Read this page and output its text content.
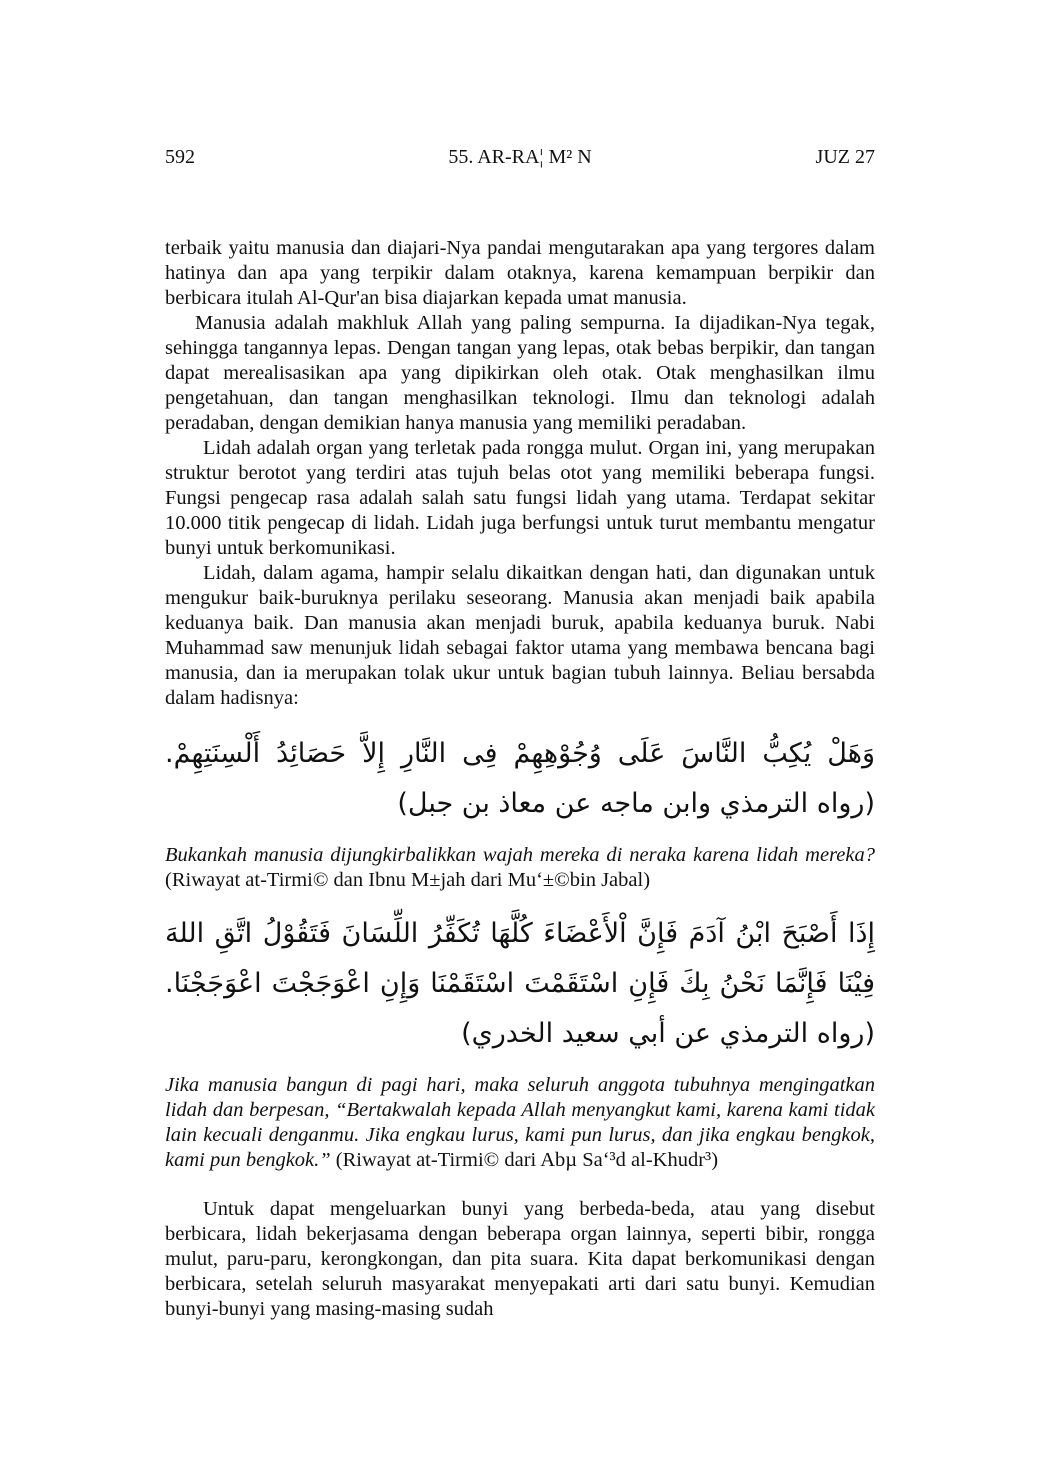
592	55. AR-RA¦ M² N	JUZ 27

terbaik yaitu manusia dan diajari-Nya pandai mengutarakan apa yang tergores dalam hatinya dan apa yang terpikir dalam otaknya, karena kemampuan berpikir dan berbicara itulah Al-Qur'an bisa diajarkan kepada umat manusia.

Manusia adalah makhluk Allah yang paling sempurna. Ia dijadikan-Nya tegak, sehingga tangannya lepas. Dengan tangan yang lepas, otak bebas berpikir, dan tangan dapat merealisasikan apa yang dipikirkan oleh otak. Otak menghasilkan ilmu pengetahuan, dan tangan menghasilkan teknologi. Ilmu dan teknologi adalah peradaban, dengan demikian hanya manusia yang memiliki peradaban.

Lidah adalah organ yang terletak pada rongga mulut. Organ ini, yang merupakan struktur berotot yang terdiri atas tujuh belas otot yang memiliki beberapa fungsi. Fungsi pengecap rasa adalah salah satu fungsi lidah yang utama. Terdapat sekitar 10.000 titik pengecap di lidah. Lidah juga berfungsi untuk turut membantu mengatur bunyi untuk berkomunikasi.

Lidah, dalam agama, hampir selalu dikaitkan dengan hati, dan digunakan untuk mengukur baik-buruknya perilaku seseorang. Manusia akan menjadi baik apabila keduanya baik. Dan manusia akan menjadi buruk, apabila keduanya buruk. Nabi Muhammad saw menunjuk lidah sebagai faktor utama yang membawa bencana bagi manusia, dan ia merupakan tolak ukur untuk bagian tubuh lainnya. Beliau bersabda dalam hadisnya:

وَهَلْ يُكِبُّ النَّاسَ عَلَى وُجُوْهِهِمْ فِى النَّارِ إِلاَّ حَصَائِدُ أَلْسِنَتِهِمْ. (رواه الترمذي وابن ماجه عن معاذ بن جبل)

Bukankah manusia dijungkirbalikkan wajah mereka di neraka karena lidah mereka? (Riwayat at-Tirmi© dan Ibnu M±jah dari Mu‘±©bin Jabal)

إِذَا أَصْبَحَ ابْنُ آدَمَ فَإِنَّ اْلأَعْضَاءَ كُلَّهَا تُكَفِّرُ اللِّسَانَ فَتَقُوْلُ اتَّقِ اللهَ فِيْنَا فَإِنَّمَا نَحْنُ بِكَ فَإِنِ اسْتَقَمْتَ اسْتَقَمْنَا وَإِنِ اعْوَجَجْتَ اعْوَجَجْنَا. (رواه الترمذي عن أبي سعيد الخدري)

Jika manusia bangun di pagi hari, maka seluruh anggota tubuhnya mengingatkan lidah dan berpesan, “Bertakwalah kepada Allah menyangkut kami, karena kami tidak lain kecuali denganmu. Jika engkau lurus, kami pun lurus, dan jika engkau bengkok, kami pun bengkok.” (Riwayat at-Tirmi© dari Abµ Sa‘³d al-Khudr³)

Untuk dapat mengeluarkan bunyi yang berbeda-beda, atau yang disebut berbicara, lidah bekerjasama dengan beberapa organ lainnya, seperti bibir, rongga mulut, paru-paru, kerongkongan, dan pita suara. Kita dapat berkomunikasi dengan berbicara, setelah seluruh masyarakat menyepakati arti dari satu bunyi. Kemudian bunyi-bunyi yang masing-masing sudah
